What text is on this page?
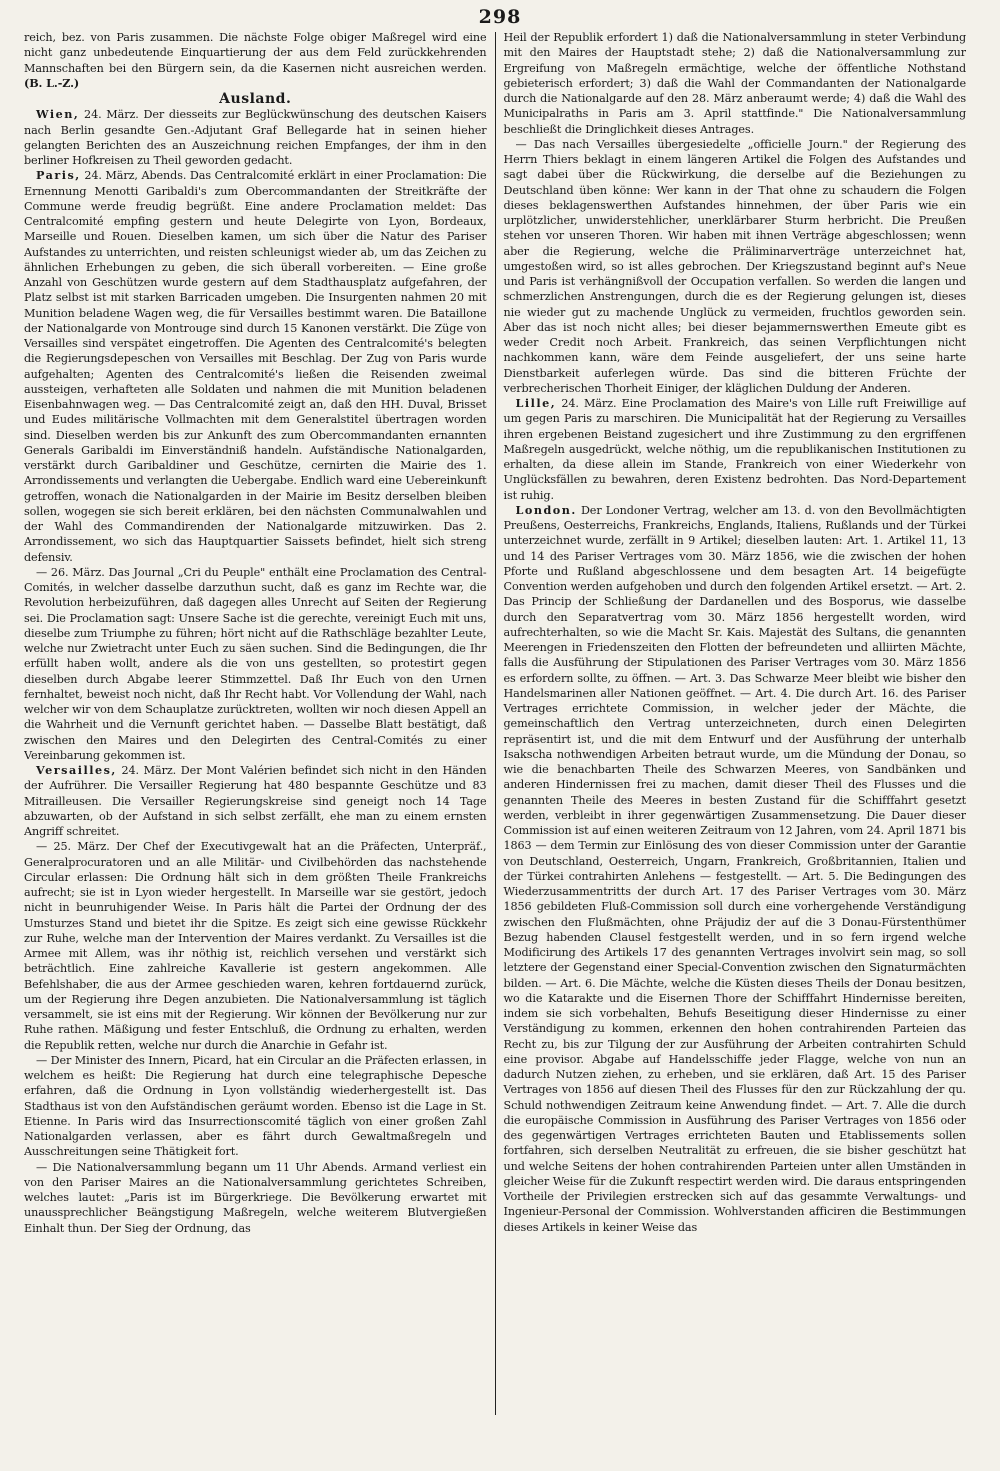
298

reich, bez. von Paris zusammen. Die nächste Folge obiger Maßregel wird eine nicht ganz unbedeutende Einquartierung der aus dem Feld zurückkehrenden Mannschaften bei den Bürgern sein, da die Kasernen nicht ausreichen werden. (B. L.-Z.)

Ausland.

Wien, 24. März. Der diesseits zur Beglückwünschung des deutschen Kaisers nach Berlin gesandte Gen.-Adjutant Graf Bellegarde hat in seinen hieher gelangten Berichten des an Auszeichnung reichen Empfanges, der ihm in den berliner Hofkreisen zu Theil geworden gedacht.

Paris, 24. März, Abends. Das Centralcomité erklärt in einer Proclamation: Die Ernennung Menotti Garibaldi's zum Obercommandanten der Streitkräfte der Commune werde freudig begrüßt. Eine andere Proclamation meldet: Das Centralcomité empfing gestern und heute Delegirte von Lyon, Bordeaux, Marseille und Rouen. Dieselben kamen, um sich über die Natur des Pariser Aufstandes zu unterrichten, und reisten schleunigst wieder ab, um das Zeichen zu ähnlichen Erhebungen zu geben, die sich überall vorbereiten. — Eine große Anzahl von Geschützen wurde gestern auf dem Stadthausplatz aufgefahren, der Platz selbst ist mit starken Barricaden umgeben. Die Insurgenten nahmen 20 mit Munition beladene Wagen weg, die für Versailles bestimmt waren. Die Bataillone der Nationalgarde von Montrouge sind durch 15 Kanonen verstärkt. Die Züge von Versailles sind verspätet eingetroffen. Die Agenten des Centralcomité's belegten die Regierungsdepeschen von Versailles mit Beschlag. Der Zug von Paris wurde aufgehalten; Agenten des Centralcomité's ließen die Reisenden zweimal aussteigen, verhafteten alle Soldaten und nahmen die mit Munition beladenen Eisenbahnwagen weg. — Das Centralcomité zeigt an, daß den HH. Duval, Brisset und Eudes militärische Vollmachten mit dem Generalstitel übertragen worden sind. Dieselben werden bis zur Ankunft des zum Obercommandanten ernannten Generals Garibaldi im Einverständniß handeln. Aufständische Nationalgarden, verstärkt durch Garibaldiner und Geschütze, cernirten die Mairie des 1. Arrondissements und verlangten die Uebergabe. Endlich ward eine Uebereinkunft getroffen, wonach die Nationalgarden in der Mairie im Besitz derselben bleiben sollen, wogegen sie sich bereit erklären, bei den nächsten Communalwahlen und der Wahl des Commandirenden der Nationalgarde mitzuwirken. Das 2. Arrondissement, wo sich das Hauptquartier Saissets befindet, hielt sich streng defensiv.

— 26. März. Das Journal „Cri du Peuple" enthält eine Proclamation des Central-Comités, in welcher dasselbe darzuthun sucht, daß es ganz im Rechte war, die Revolution herbeizuführen, daß dagegen alles Unrecht auf Seiten der Regierung sei. Die Proclamation sagt: Unsere Sache ist die gerechte, vereinigt Euch mit uns, dieselbe zum Triumphe zu führen; hört nicht auf die Rathschläge bezahlter Leute, welche nur Zwietracht unter Euch zu säen suchen. Sind die Bedingungen, die Ihr erfüllt haben wollt, andere als die von uns gestellten, so protestirt gegen dieselben durch Abgabe leerer Stimmzettel. Daß Ihr Euch von den Urnen fernhaltet, beweist noch nicht, daß Ihr Recht habt. Vor Vollendung der Wahl, nach welcher wir von dem Schauplatze zurücktreten, wollten wir noch diesen Appell an die Wahrheit und die Vernunft gerichtet haben. — Dasselbe Blatt bestätigt, daß zwischen den Maires und den Delegirten des Central-Comités zu einer Vereinbarung gekommen ist.

Versailles, 24. März. Der Mont Valérien befindet sich nicht in den Händen der Aufrührer. Die Versailler Regierung hat 480 bespannte Geschütze und 83 Mitrailleusen. Die Versailler Regierungskreise sind geneigt noch 14 Tage abzuwarten, ob der Aufstand in sich selbst zerfällt, ehe man zu einem ernsten Angriff schreitet.

— 25. März. Der Chef der Executivgewalt hat an die Präfecten, Unterpräf., Generalprocuratoren und an alle Militär- und Civilbehörden das nachstehende Circular erlassen: Die Ordnung hält sich in dem größten Theile Frankreichs aufrecht; sie ist in Lyon wieder hergestellt. In Marseille war sie gestört, jedoch nicht in beunruhigender Weise. In Paris hält die Partei der Ordnung der des Umsturzes Stand und bietet ihr die Spitze. Es zeigt sich eine gewisse Rückkehr zur Ruhe, welche man der Intervention der Maires verdankt. Zu Versailles ist die Armee mit Allem, was ihr nöthig ist, reichlich versehen und verstärkt sich beträchtlich. Eine zahlreiche Kavallerie ist gestern angekommen. Alle Befehlshaber, die aus der Armee geschieden waren, kehren fortdauernd zurück, um der Regierung ihre Degen anzubieten. Die Nationalversammlung ist täglich versammelt, sie ist eins mit der Regierung. Wir können der Bevölkerung nur zur Ruhe rathen. Mäßigung und fester Entschluß, die Ordnung zu erhalten, werden die Republik retten, welche nur durch die Anarchie in Gefahr ist.

— Der Minister des Innern, Picard, hat ein Circular an die Präfecten erlassen, in welchem es heißt: Die Regierung hat durch eine telegraphische Depesche erfahren, daß die Ordnung in Lyon vollständig wiederhergestellt ist. Das Stadthaus ist von den Aufständischen geräumt worden. Ebenso ist die Lage in St. Etienne. In Paris wird das Insurrectionscomité täglich von einer großen Zahl Nationalgarden verlassen, aber es fährt durch Gewaltmaßregeln und Ausschreitungen seine Thätigkeit fort.

— Die Nationalversammlung begann um 11 Uhr Abends. Armand verliest ein von den Pariser Maires an die Nationalversammlung gerichtetes Schreiben, welches lautet: „Paris ist im Bürgerkriege. Die Bevölkerung erwartet mit unaussprechlicher Beängstigung Maßregeln, welche weiterem Blutvergießen Einhalt thun. Der Sieg der Ordnung, das

Heil der Republik erfordert 1) daß die Nationalversammlung in steter Verbindung mit den Maires der Hauptstadt stehe; 2) daß die Nationalversammlung zur Ergreifung von Maßregeln ermächtige, welche der öffentliche Nothstand gebieterisch erfordert; 3) daß die Wahl der Commandanten der Nationalgarde durch die Nationalgarde auf den 28. März anberaumt werde; 4) daß die Wahl des Municipalraths in Paris am 3. April stattfinde." Die Nationalversammlung beschließt die Dringlichkeit dieses Antrages.

— Das nach Versailles übergesiedelte „officielle Journ." der Regierung des Herrn Thiers beklagt in einem längeren Artikel die Folgen des Aufstandes und sagt dabei über die Rückwirkung, die derselbe auf die Beziehungen zu Deutschland üben könne: Wer kann in der That ohne zu schaudern die Folgen dieses beklagenswerthen Aufstandes hinnehmen, der über Paris wie ein urplötzlicher, unwiderstehlicher, unerklärbarer Sturm herbricht. Die Preußen stehen vor unseren Thoren. Wir haben mit ihnen Verträge abgeschlossen; wenn aber die Regierung, welche die Präliminarverträge unterzeichnet hat, umgestoßen wird, so ist alles gebrochen. Der Kriegszustand beginnt auf's Neue und Paris ist verhängnißvoll der Occupation verfallen. So werden die langen und schmerzlichen Anstrengungen, durch die es der Regierung gelungen ist, dieses nie wieder gut zu machende Unglück zu vermeiden, fruchtlos geworden sein. Aber das ist noch nicht alles; bei dieser bejammernswerthen Emeute gibt es weder Credit noch Arbeit. Frankreich, das seinen Verpflichtungen nicht nachkommen kann, wäre dem Feinde ausgeliefert, der uns seine harte Dienstbarkeit auferlegen würde. Das sind die bitteren Früchte der verbrecherischen Thorheit Einiger, der kläglichen Duldung der Anderen.

Lille, 24. März. Eine Proclamation des Maire's von Lille ruft Freiwillige auf um gegen Paris zu marschiren. Die Municipalität hat der Regierung zu Versailles ihren ergebenen Beistand zugesichert und ihre Zustimmung zu den ergriffenen Maßregeln ausgedrückt, welche nöthig, um die republikanischen Institutionen zu erhalten, da diese allein im Stande, Frankreich von einer Wiederkehr von Unglücksfällen zu bewahren, deren Existenz bedrohten. Das Nord-Departement ist ruhig.

London. Der Londoner Vertrag, welcher am 13. d. von den Bevollmächtigten Preußens, Oesterreichs, Frankreichs, Englands, Italiens, Rußlands und der Türkei unterzeichnet wurde, zerfällt in 9 Artikel; dieselben lauten: Art. 1. Artikel 11, 13 und 14 des Pariser Vertrages vom 30. März 1856, wie die zwischen der hohen Pforte und Rußland abgeschlossene und dem besagten Art. 14 beigefügte Convention werden aufgehoben und durch den folgenden Artikel ersetzt. — Art. 2. Das Princip der Schließung der Dardanellen und des Bosporus, wie dasselbe durch den Separatvertrag vom 30. März 1856 hergestellt worden, wird aufrechterhalten, so wie die Macht Sr. Kais. Majestät des Sultans, die genannten Meerengen in Friedenszeiten den Flotten der befreundeten und alliirten Mächte, falls die Ausführung der Stipulationen des Pariser Vertrages vom 30. März 1856 es erfordern sollte, zu öffnen. — Art. 3. Das Schwarze Meer bleibt wie bisher den Handelsmarinen aller Nationen geöffnet. — Art. 4. Die durch Art. 16. des Pariser Vertrages errichtete Commission, in welcher jeder der Mächte, die gemeinschaftlich den Vertrag unterzeichneten, durch einen Delegirten repräsentirt ist, und die mit dem Entwurf und der Ausführung der unterhalb Isakscha nothwendigen Arbeiten betraut wurde, um die Mündung der Donau, so wie die benachbarten Theile des Schwarzen Meeres, von Sandbänken und anderen Hindernissen frei zu machen, damit dieser Theil des Flusses und die genannten Theile des Meeres in besten Zustand für die Schifffahrt gesetzt werden, verbleibt in ihrer gegenwärtigen Zusammensetzung. Die Dauer dieser Commission ist auf einen weiteren Zeitraum von 12 Jahren, vom 24. April 1871 bis 1863 — dem Termin zur Einlösung des von dieser Commission unter der Garantie von Deutschland, Oesterreich, Ungarn, Frankreich, Großbritannien, Italien und der Türkei contrahirten Anlehens — festgestellt. — Art. 5. Die Bedingungen des Wiederzusammentritts der durch Art. 17 des Pariser Vertrages vom 30. März 1856 gebildeten Fluß-Commission soll durch eine vorhergehende Verständigung zwischen den Flußmächten, ohne Präjudiz der auf die 3 Donau-Fürstenthümer Bezug habenden Clausel festgestellt werden, und in so fern irgend welche Modificirung des Artikels 17 des genannten Vertrages involvirt sein mag, so soll letztere der Gegenstand einer Special-Convention zwischen den Signaturmächten bilden. — Art. 6. Die Mächte, welche die Küsten dieses Theils der Donau besitzen, wo die Katarakte und die Eisernen Thore der Schifffahrt Hindernisse bereiten, indem sie sich vorbehalten, Behufs Beseitigung dieser Hindernisse zu einer Verständigung zu kommen, erkennen den hohen contrahirenden Parteien das Recht zu, bis zur Tilgung der zur Ausführung der Arbeiten contrahirten Schuld eine provisor. Abgabe auf Handelsschiffe jeder Flagge, welche von nun an dadurch Nutzen ziehen, zu erheben, und sie erklären, daß Art. 15 des Pariser Vertrages von 1856 auf diesen Theil des Flusses für den zur Rückzahlung der qu. Schuld nothwendigen Zeitraum keine Anwendung findet. — Art. 7. Alle die durch die europäische Commission in Ausführung des Pariser Vertrages von 1856 oder des gegenwärtigen Vertrages errichteten Bauten und Etablissements sollen fortfahren, sich derselben Neutralität zu erfreuen, die sie bisher geschützt hat und welche Seitens der hohen contrahirenden Parteien unter allen Umständen in gleicher Weise für die Zukunft respectirt werden wird. Die daraus entspringenden Vortheile der Privilegien erstrecken sich auf das gesammte Verwaltungs- und Ingenieur-Personal der Commission. Wohlverstanden afficiren die Bestimmungen dieses Artikels in keiner Weise das
